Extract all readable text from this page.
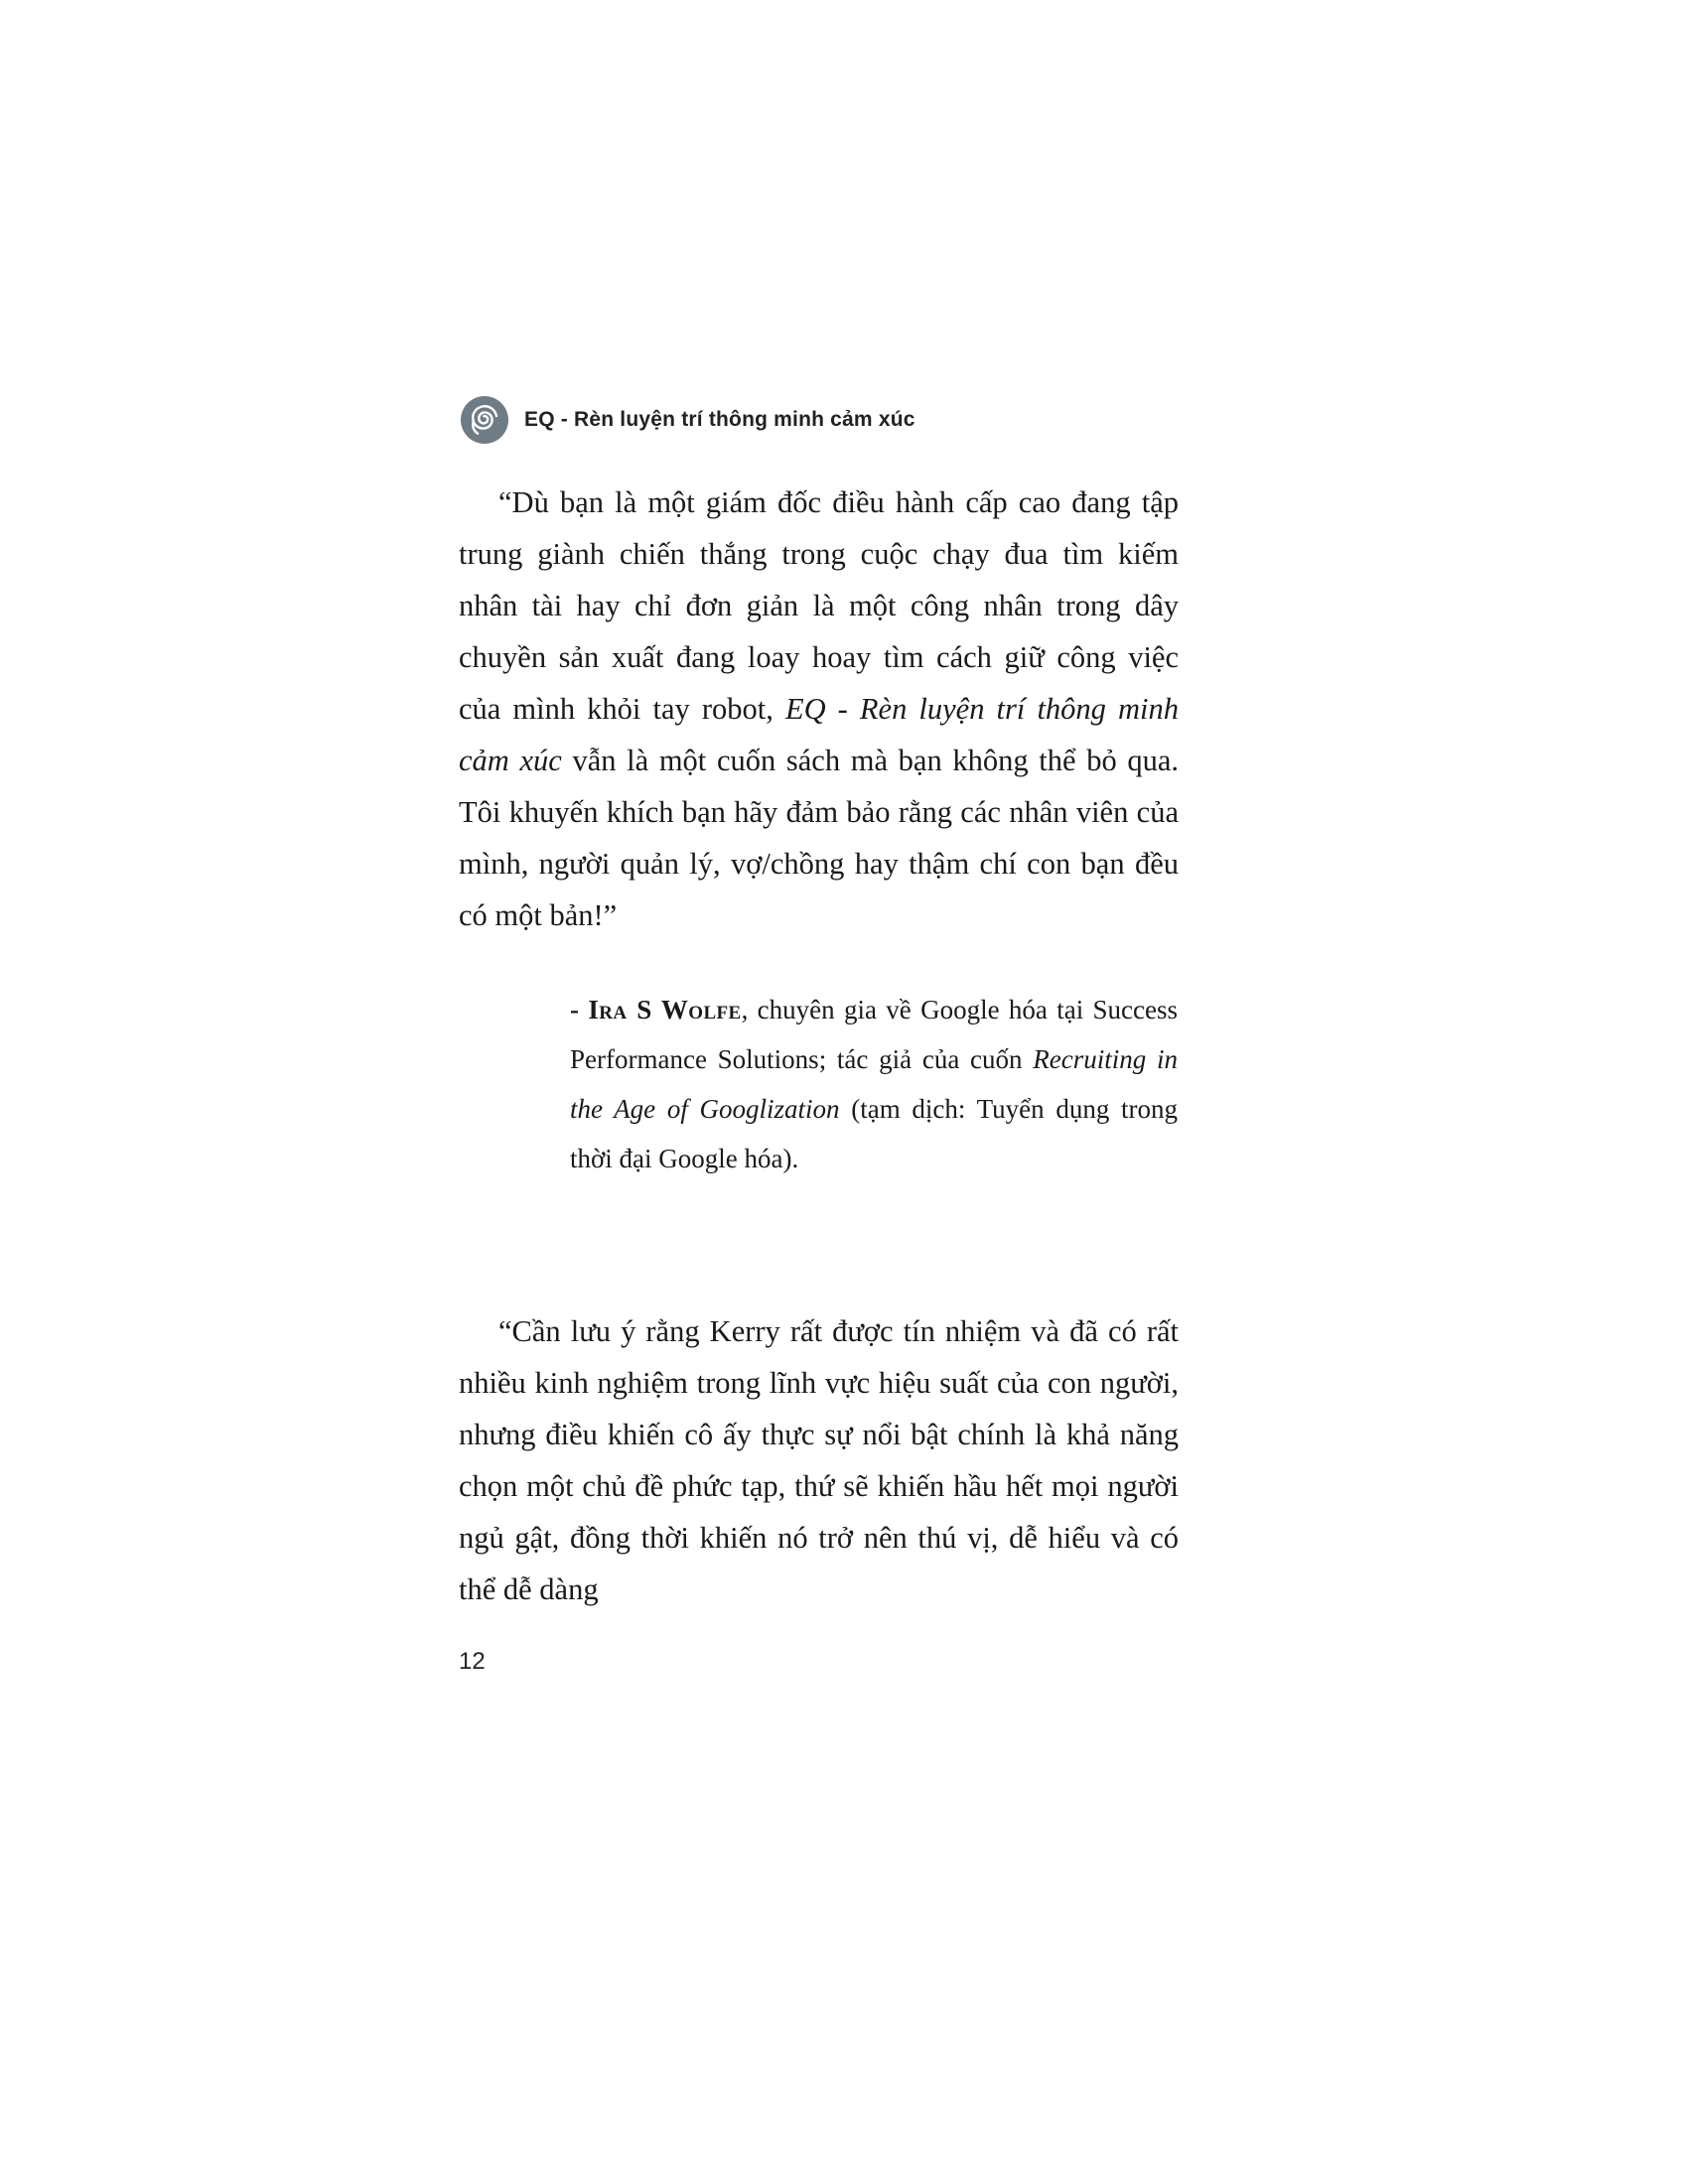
EQ - Rèn luyện trí thông minh cảm xúc

“Dù bạn là một giám đốc điều hành cấp cao đang tập trung giành chiến thắng trong cuộc chạy đua tìm kiếm nhân tài hay chỉ đơn giản là một công nhân trong dây chuyền sản xuất đang loay hoay tìm cách giữ công việc của mình khỏi tay robot, EQ - Rèn luyện trí thông minh cảm xúc vẫn là một cuốn sách mà bạn không thể bỏ qua. Tôi khuyến khích bạn hãy đảm bảo rằng các nhân viên của mình, người quản lý, vợ/chồng hay thậm chí con bạn đều có một bản!”

- Ira S Wolfe, chuyên gia về Google hóa tại Success Performance Solutions; tác giả của cuốn Recruiting in the Age of Googlization (tạm dịch: Tuyển dụng trong thời đại Google hóa).

“Cần lưu ý rằng Kerry rất được tín nhiệm và đã có rất nhiều kinh nghiệm trong lĩnh vực hiệu suất của con người, nhưng điều khiến cô ấy thực sự nổi bật chính là khả năng chọn một chủ đề phức tạp, thứ sẽ khiến hầu hết mọi người ngủ gật, đồng thời khiến nó trở nên thú vị, dễ hiểu và có thể dễ dàng

12
